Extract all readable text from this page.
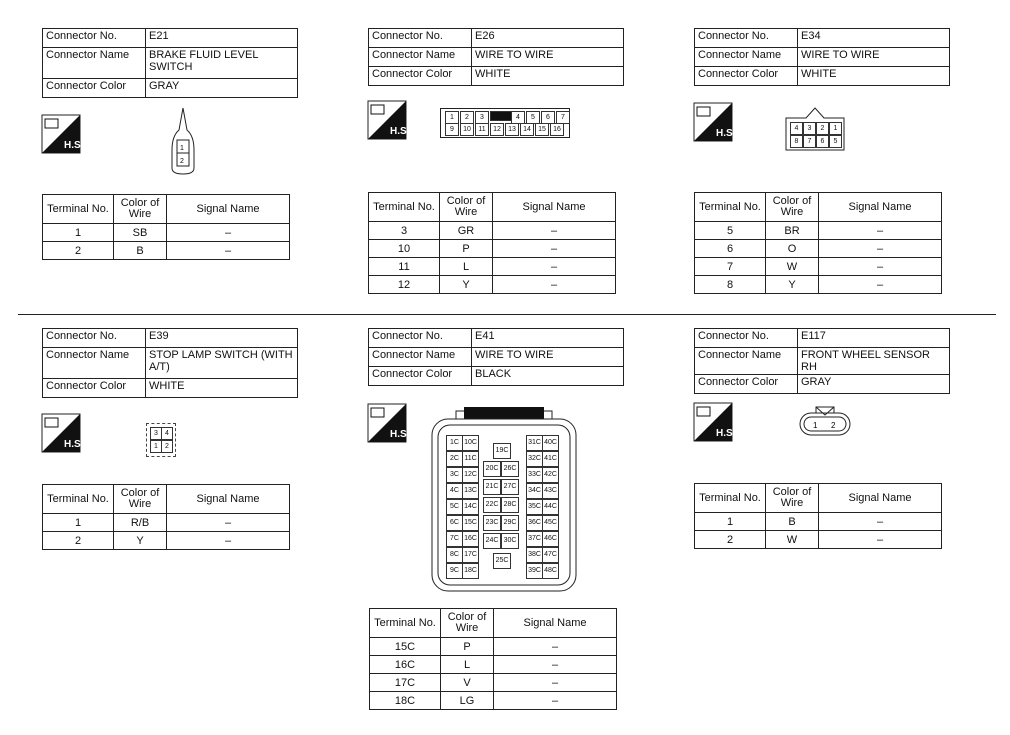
Connector No.	E21
Connector Name	BRAKE FLUID LEVEL SWITCH
Connector Color	GRAY
H.S.	1
2
Terminal No.	Color of Wire	Signal Name
1	SB	–
2	B	–
Connector No.	E26
Connector Name	WIRE TO WIRE
Connector Color	WHITE
H.S.
1	2	3	4	5	6	7
9	10	11	12	13	14	15	16
Terminal No.	Color of Wire	Signal Name
3	GR	–
10	P	–
11	L	–
12	Y	–
Connector No.	E34
Connector Name	WIRE TO WIRE
Connector Color	WHITE
H.S.	4	3	2	1
8	7	6	5
Terminal No.	Color of Wire	Signal Name
5	BR	–
6	O	–
7	W	–
8	Y	–
Connector No.	E39
Connector Name	STOP LAMP SWITCH (WITH A/T)
Connector Color	WHITE
H.S.
3	4
1	2
Terminal No.	Color of Wire	Signal Name
1	R/B	–
2	Y	–
Connector No.	E41
Connector Name	WIRE TO WIRE
Connector Color	BLACK
H.S.
1C 10C
2C 11C
3C 12C
4C 13C
5C 14C
6C 15C
7C 16C
8C 17C
9C 18C
19C
20C 26C
21C 27C
22C 28C
23C 29C
24C 30C
25C
31C 40C
32C 41C
33C 42C
34C 43C
35C 44C
36C 45C
37C 46C
38C 47C
39C 48C
Terminal No.	Color of Wire	Signal Name
15C	P	–
16C	L	–
17C	V	–
18C	LG	–
Connector No.	E117
Connector Name	FRONT WHEEL SENSOR RH
Connector Color	GRAY
H.S.
1 2
Terminal No.	Color of Wire	Signal Name
1	B	–
2	W	–
